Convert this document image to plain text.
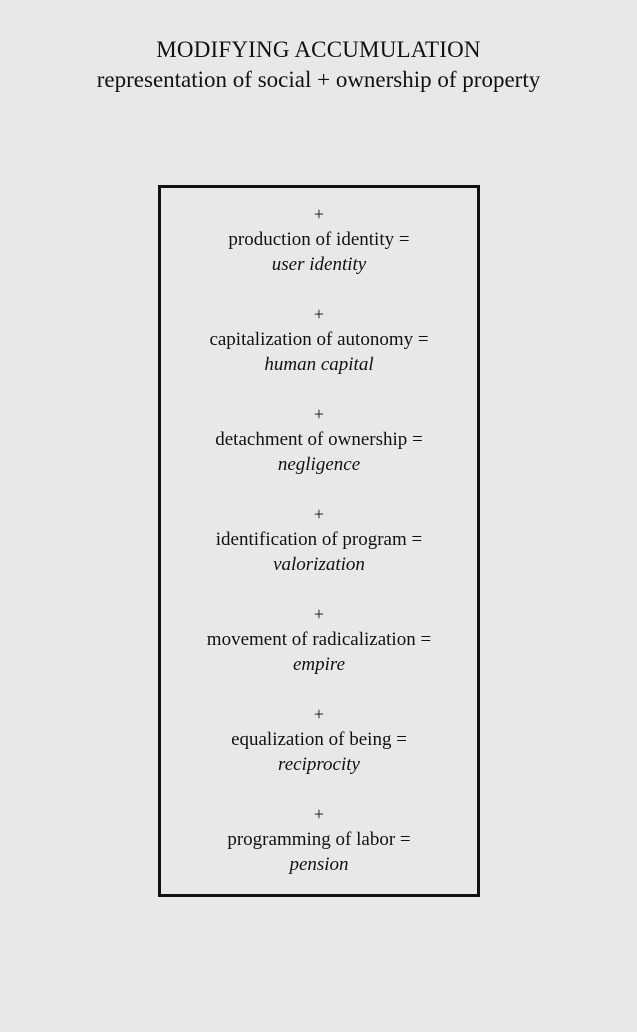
MODIFYING ACCUMULATION
representation of social + ownership of property
+
production of identity =
user identity
+
capitalization of autonomy =
human capital
+
detachment of ownership =
negligence
+
identification of program =
valorization
+
movement of radicalization =
empire
+
equalization of being =
reciprocity
+
programming of labor =
pension
